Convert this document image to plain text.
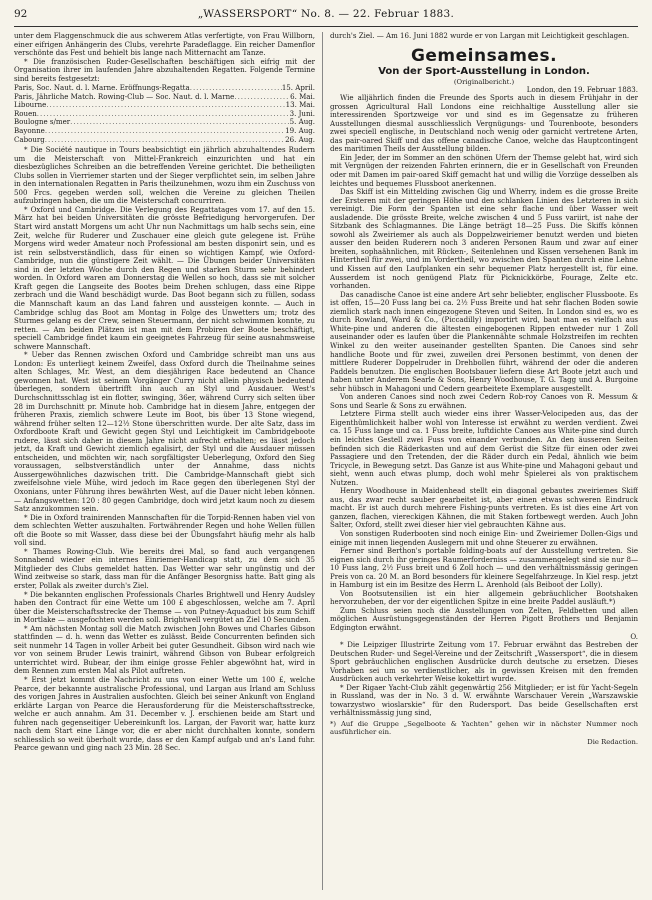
92	„WASSERSPORT“ No. 8. — 22. Februar 1883.

unter dem Flaggenschmuck die aus schwerem Atlas verfertigte, von Frau Willborn, einer eifrigen Anhängerin des Clubs, verehrte Paradeflagge. Ein reicher Damenflor verschönte das Fest und behielt bis lange nach Mitternacht am Tanze.

* Die französischen Ruder-Gesellschaften beschäftigen sich eifrig mit der Organisation ihrer im laufenden Jahre abzuhaltenden Regatten. Folgende Termine sind bereits festgesetzt:

Paris, Soc. Naut. d. l. Marne. Eröffnungs-Regatta .....	15. April.
Paris, Jährliche Match. Rowing-Club — Soc. Naut. d. l. Marne .....	6. Mai.
Libourne .....	13. Mai.
Rouen .....	3. Juni.
Boulogne s/mer .....	5. Aug.
Bayonne .....	19. Aug.
Cabourg .....	26. Aug.

* Die Société nautique in Tours beabsichtigt ein jährlich abzuhaltendes Rudern um die Meisterschaft von Mittel-Frankreich einzurichten und hat ein diesbezügliches Schreiben an die betreffenden Vereine gerichtet. Die betheiligten Clubs sollen in Vierriemer starten und der Sieger verpflichtet sein, im selben Jahre in den internationalen Regatten in Paris theilzunehmen, wozu ihm ein Zuschuss von 500 Frcs. gegeben werden soll, welchen die Vereine zu gleichen Theilen aufzubringen haben, die um die Meisterschaft concurriren.

* Oxford und Cambridge. Die Verlegung des Regattatages vom 17. auf den 15. März hat bei beiden Universitäten die grösste Befriedigung hervorgerufen. Der Start wird anstatt Morgens um acht Uhr nun Nachmittags um halb sechs sein, eine Zeit, welche für Ruderer und Zuschauer eine gleich gute gelegene ist. Frühe Morgens wird weder Amateur noch Professional am besten disponirt sein, und es ist rein selbstverständlich, dass für einen so wichtigen Kampf, wie Oxford-Cambridge, nun die günstigere Zeit wählt. — Die Übungen beider Universitäten sind in der letzten Woche durch den Regen und starken Sturm sehr behindert worden. In Oxford waren am Donnerstag die Wellen so hoch, dass sie mit solcher Kraft gegen die Langseite des Bootes beim Drehen schlugen, dass eine Rippe zerbrach und die Wand beschädigt wurde. Das Boot begann sich zu füllen, sodass die Mannschaft kaum an das Land fahren und aussteigen konnte. — Auch in Cambridge schlug das Boot am Montag in Folge des Unwetters um; trotz des Sturmes gelang es der Crew, seinen Steuermann, der nicht schwimmen konnte, zu retten. — Am beiden Plätzen ist man mit dem Probiren der Boote beschäftigt, speciell Cambridge findet kaum ein geeignetes Fahrzeug für seine ausnahmsweise schwere Mannschaft.

* Ueber das Rennen zwischen Oxford und Cambridge schreibt man uns aus London: Es unterliegt keinem Zweifel, dass Oxford durch die Theilnahme seines alten Schlages, Mr. West, an dem diesjährigen Race bedeutend an Chance gewonnen hat. West ist seinem Vorgänger Curry nicht allein physisch bedeutend überlegen, sondern übertrifft ihn auch an Styl und Ausdauer. West's Durchschnittsschlag ist ein flotter, swinging, 36er, während Curry sich selten über 28 im Durchschnitt pr. Minute hob. Cambridge hat in diesem Jahre, entgegen der früheren Praxis, ziemlich schwere Leute im Boot, bis über 13 Stone wiegend, während früher selten 12—12½ Stone überschritten wurde. Der alte Satz, dass im Oxfordboote Kraft und Gewicht gegen Styl und Leichtigkeit im Cambridgeboote rudere, lässt sich daher in diesem Jahre nicht aufrecht erhalten; es lässt jedoch jetzt, da Kraft und Gewicht ziemlich egalisirt, der Styl und die Ausdauer müssen entscheiden, und möchten wir, nach sorgfältigster Ueberlegung, Oxford den Sieg voraussagen, selbstverständlich unter der Annahme, dass nichts Aussergewöhnliches dazwischen tritt. Die Cambridge-Mannschaft giebt sich zweifelsohne viele Mühe, wird jedoch im Race gegen den überlegenen Styl der Oxonians, unter Führung ihres bewährten West, auf die Dauer nicht leben können. — Anfangswetten: 120 : 80 gegen Cambridge, doch wird jetzt kaum noch zu diesem Satz anzukommen sein.

* Die in Oxford trainirenden Mannschaften für die Torpid-Rennen haben viel von dem schlechten Wetter auszuhalten. Fortwährender Regen und hohe Wellen füllen oft die Boote so mit Wasser, dass diese bei der Übungsfahrt häufig mehr als halb voll sind.

* Thames Rowing-Club. Wie bereits drei Mal, so fand auch vergangenen Sonnabend wieder ein internes Einriemer-Handicap statt, zu dem sich 35 Mitglieder des Clubs gemeldet hatten. Das Wetter war sehr ungünstig und der Wind zeitweise so stark, dass man für die Anfänger Besorgniss hatte. Batt ging als erster, Pollak als zweiter durch's Ziel.

* Die bekannten englischen Professionals Charles Brightwell und Henry Audsley haben den Contract für eine Wette um 100 £ abgeschlossen, welche am 7. April über die Meisterschaftsstrecke der Themse — von Putney-Aquaduct bis zum Schiff in Mortlake — ausgefochten werden soll. Brightwell vergütet an Ziel 10 Secunden.

* Am nächsten Montag soll die Match zwischen John Bowes und Charles Gibson stattfinden — d. h. wenn das Wetter es zulässt. Beide Concurrenten befinden sich seit nunmehr 14 Tagen in voller Arbeit bei guter Gesundheit. Gibson wird nach wie vor von seinem Bruder Lewis trainirt, während Gibson von Bubear erfolgreich unterrichtet wird. Bubear, der ihm einige grosse Fehler abgewöhnt hat, wird in dem Rennen zum ersten Mal als Pilot auftreten.

* Erst jetzt kommt die Nachricht zu uns von einer Wette um 100 £, welche Pearce, der bekannte australische Professional, und Largan aus Irland am Schluss des vorigen Jahres in Australien ausfochten. Gleich bei seiner Ankunft von England erklärte Largan von Pearce die Herausforderung für die Meisterschaftsstrecke, welche er auch annahm. Am 31. December v. J. erschienen beide am Start und fuhren nach gegenseitiger Uebereinkunft los. Largan, der Favorit war, hatte kurz nach dem Start eine Länge vor, die er aber nicht durchhalten konnte, sondern schliesslich so weit überholt wurde, dass er den Kampf aufgab und an's Land fuhr. Pearce gewann und ging nach 23 Min. 28 Sec.

durch's Ziel. — Am 16. Juni 1882 wurde er von Largan mit Leichtigkeit geschlagen.

Gemeinsames.
Von der Sport-Ausstellung in London.
(Originalbericht.)
London, den 19. Februar 1883.

Wie alljährlich finden die Freunde des Sports auch in diesem Frühjahr in der grossen Agricultural Hall Londons eine reichhaltige Ausstellung aller sie interessirenden Sportzweige vor und sind es im Gegensatze zu früheren Ausstellungen diesmal ausschliesslich Vergnügungs- und Tourenboote, besonders zwei speciell englische, in Deutschland noch wenig oder garnicht vertretene Arten, das pair-oared Skiff und das offene canadische Canoe, welche das Hauptcontingent des maritimen Theils der Ausstellung bilden.

Ein Jeder, der im Sommer an den schönen Ufern der Themse gelebt hat, wird sich mit Vergnügen der reizenden Fahrten erinnern, die er in Gesellschaft von Freunden oder mit Damen im pair-oared Skiff gemacht hat und willig die Vorzüge desselben als leichtes und bequemes Flussboot anerkennen.

Das Skiff ist ein Mittelding zwischen Gig und Wherry, indem es die grosse Breite der Ersteren mit der geringen Höhe und den schlanken Linien des Letzteren in sich vereinigt. Die Form der Spanten ist eine sehr flache und über Wasser weit ausladende. Die grösste Breite, welche zwischen 4 und 5 Fuss variirt, ist nahe der Sitzbank des Schlagmannes. Die Länge beträgt 18—25 Fuss. Die Skiffs können sowohl als Zweiriemer als auch als Doppelzweiriemer benutzt werden und bieten ausser den beiden Ruderern noch 3 anderen Personen Raum und zwar auf einer breiten, sophaähnlichen, mit Rücken-, Seitenlehnen und Kissen versehenen Bank im Hintertheil für zwei, und im Vordertheil, wo zwischen den Spanten durch eine Lehne und Kissen auf den Laufplanken ein sehr bequemer Platz hergestellt ist, für eine. Ausserdem ist noch genügend Platz für Picknickkörbe, Fourage, Zelte etc. vorhanden.

Das canadische Canoe ist eine andere Art sehr beliebter, englischer Flussboote. Es ist offen, 15—20 Fuss lang bei ca. 2½ Fuss Breite und hat sehr flachen Boden sowie ziemlich stark nach innen eingezogene Steven und Seiten. In London sind es, wo es durch Rowland, Ward & Co., (Piccadilly) importirt wird, baut man es vielfach aus White-pine und anderen die ältesten eingebogenen Rippen entweder nur 1 Zoll auseinander oder es laufen über die Plankennähte schmale Holzstreifen im rechten Winkel zu den weiter auseinander gestellten Spanten. Die Canoes sind sehr handliche Boote und für zwei, zuweilen drei Personen bestimmt, von denen der mittlere Ruderer Doppelruder in Drehbollen führt, während der oder die anderen Paddels benutzen. Die englischen Bootsbauer liefern diese Art Boote jetzt auch und haben unter Anderem Searle & Sons, Henry Woodhouse, T. G. Tagg und A. Burgoine sehr hübsch in Mahagoni und Cedern gearbeitete Exemplare ausgestellt.

Von anderen Canoes sind noch zwei Cedern Rob-roy Canoes von R. Messum & Sons und Searle & Sons zu erwähnen.

Letztere Firma stellt auch wieder eins ihrer Wasser-Velocipeden aus, das der Eigenthümlichkeit halber wohl von Interesse ist erwähnt zu werden verdient. Zwei ca. 15 Fuss lange und ca. 1 Fuss breite, luftdichte Canoes aus White-pine sind durch ein leichtes Gestell zwei Fuss von einander verbunden. An den äusseren Seiten befinden sich die Räderkasten und auf dem Gerüst die Sitze für einen oder zwei Passagiere und den Tretenden, der die Räder durch ein Pedal, ähnlich wie beim Tricycle, in Bewegung setzt. Das Ganze ist aus White-pine und Mahagoni gebaut und sieht, wenn auch etwas plump, doch wohl mehr Spielerei als von praktischem Nutzen.

Henry Woodhouse in Maidenhead stellt ein diagonal gebautes zweiriemes Skiff aus, das zwar recht sauber gearbeitet ist, aber einen etwas schweren Eindruck macht. Er ist auch durch mehrere Fishing-punts vertreten. Es ist dies eine Art von ganzen, flachen, viereckigen Kähnen, die mit Staken fortbewegt werden. Auch John Salter, Oxford, stellt zwei dieser hier viel gebrauchten Kähne aus.

Von sonstigen Ruderbooten sind noch einige Ein- und Zweiriemer Dollen-Gigs und einige mit innen liegenden Auslegern mit und ohne Steuerer zu erwähnen.

Ferner sind Berthon's portable folding-boats auf der Ausstellung vertreten. Sie eignen sich durch ihr geringes Raumerforderniss — zusammengelegt sind sie nur 8—10 Fuss lang, 2½ Fuss breit und 6 Zoll hoch — und den verhältnissmässig geringen Preis von ca. 20 M. an Bord besonders für kleinere Segelfahrzeuge. In Kiel resp. jetzt in Hamburg ist ein im Besitze des Herrn L. Arenhold (als Beiboot der Lolly).

Von Bootsutensilien ist ein hier allgemein gebräuchlicher Bootshaken hervorzuheben, der vor der eigentlichen Spitze in eine breite Paddel ausläuft.*)

Zum Schluss seien noch die Ausstellungen von Zelten, Feldbetten und allen möglichen Ausrüstungsgegenständen der Herren Pigott Brothers und Benjamin Edgington erwähnt.

O.

* Die Leipziger Illustrirte Zeitung vom 17. Februar erwähnt das Bestreben der Deutschen Ruder- und Segel-Vereine und der Zeitschrift „Wassersport“, die in diesem Sport gebräuchlichen englischen Ausdrücke durch deutsche zu ersetzen. Dieses Vorhaben sei um so verdienstlicher, als in gewissen Kreisen mit den fremden Ausdrücken auch verkehrter Weise kokettirt wurde.

* Der Rigaer Yacht-Club zählt gegenwärtig 256 Mitglieder; er ist für Yacht-Segeln in Russland, was der in No. 3 d. W. erwähnte Warschauer Verein „Warszawskie towarzystwo wioslarskie“ für den Rudersport. Das beide Gesellschaften erst verhältnissmässig jung sind,

*) Auf die Gruppe „Segelboote & Yachten“ gehen wir in nächster Nummer noch ausführlicher ein.
Die Redaction.
